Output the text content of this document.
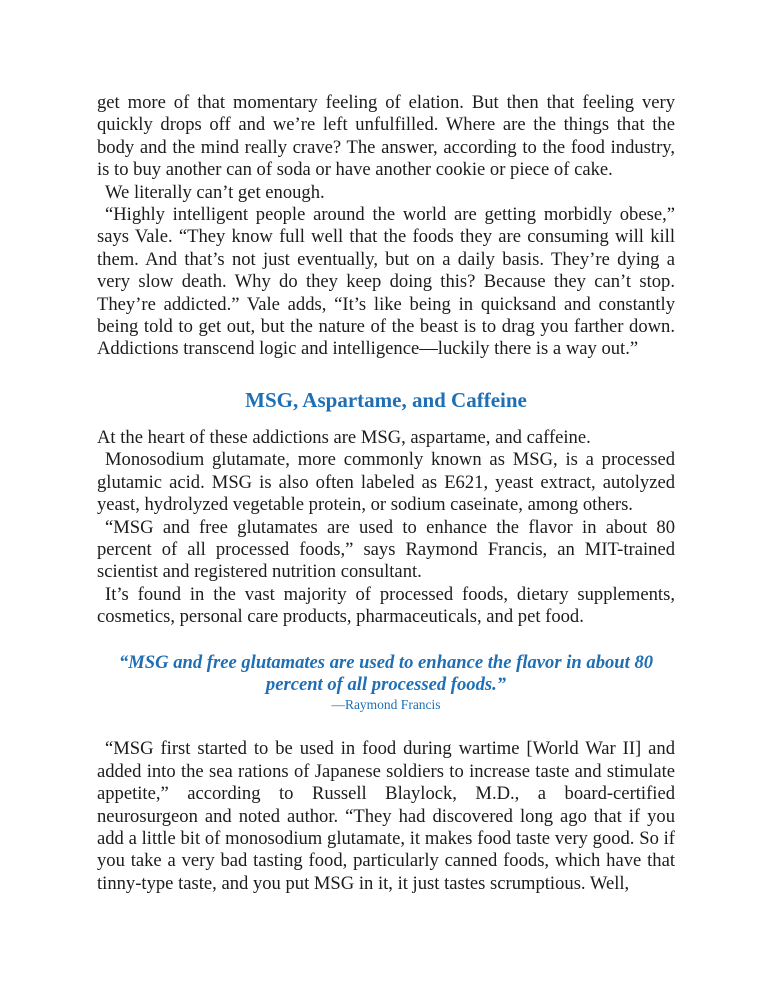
get more of that momentary feeling of elation. But then that feeling very quickly drops off and we’re left unfulfilled. Where are the things that the body and the mind really crave? The answer, according to the food industry, is to buy another can of soda or have another cookie or piece of cake.

We literally can’t get enough.

“Highly intelligent people around the world are getting morbidly obese,” says Vale. “They know full well that the foods they are consuming will kill them. And that’s not just eventually, but on a daily basis. They’re dying a very slow death. Why do they keep doing this? Because they can’t stop. They’re addicted.” Vale adds, “It’s like being in quicksand and constantly being told to get out, but the nature of the beast is to drag you farther down. Addictions transcend logic and intelligence—luckily there is a way out.”

MSG, Aspartame, and Caffeine

At the heart of these addictions are MSG, aspartame, and caffeine.

Monosodium glutamate, more commonly known as MSG, is a processed glutamic acid. MSG is also often labeled as E621, yeast extract, autolyzed yeast, hydrolyzed vegetable protein, or sodium caseinate, among others.

“MSG and free glutamates are used to enhance the flavor in about 80 percent of all processed foods,” says Raymond Francis, an MIT-trained scientist and registered nutrition consultant.

It’s found in the vast majority of processed foods, dietary supplements, cosmetics, personal care products, pharmaceuticals, and pet food.

“MSG and free glutamates are used to enhance the flavor in about 80 percent of all processed foods.”
—Raymond Francis

“MSG first started to be used in food during wartime [World War II] and added into the sea rations of Japanese soldiers to increase taste and stimulate appetite,” according to Russell Blaylock, M.D., a board-certified neurosurgeon and noted author. “They had discovered long ago that if you add a little bit of monosodium glutamate, it makes food taste very good. So if you take a very bad tasting food, particularly canned foods, which have that tinny-type taste, and you put MSG in it, it just tastes scrumptious. Well,
